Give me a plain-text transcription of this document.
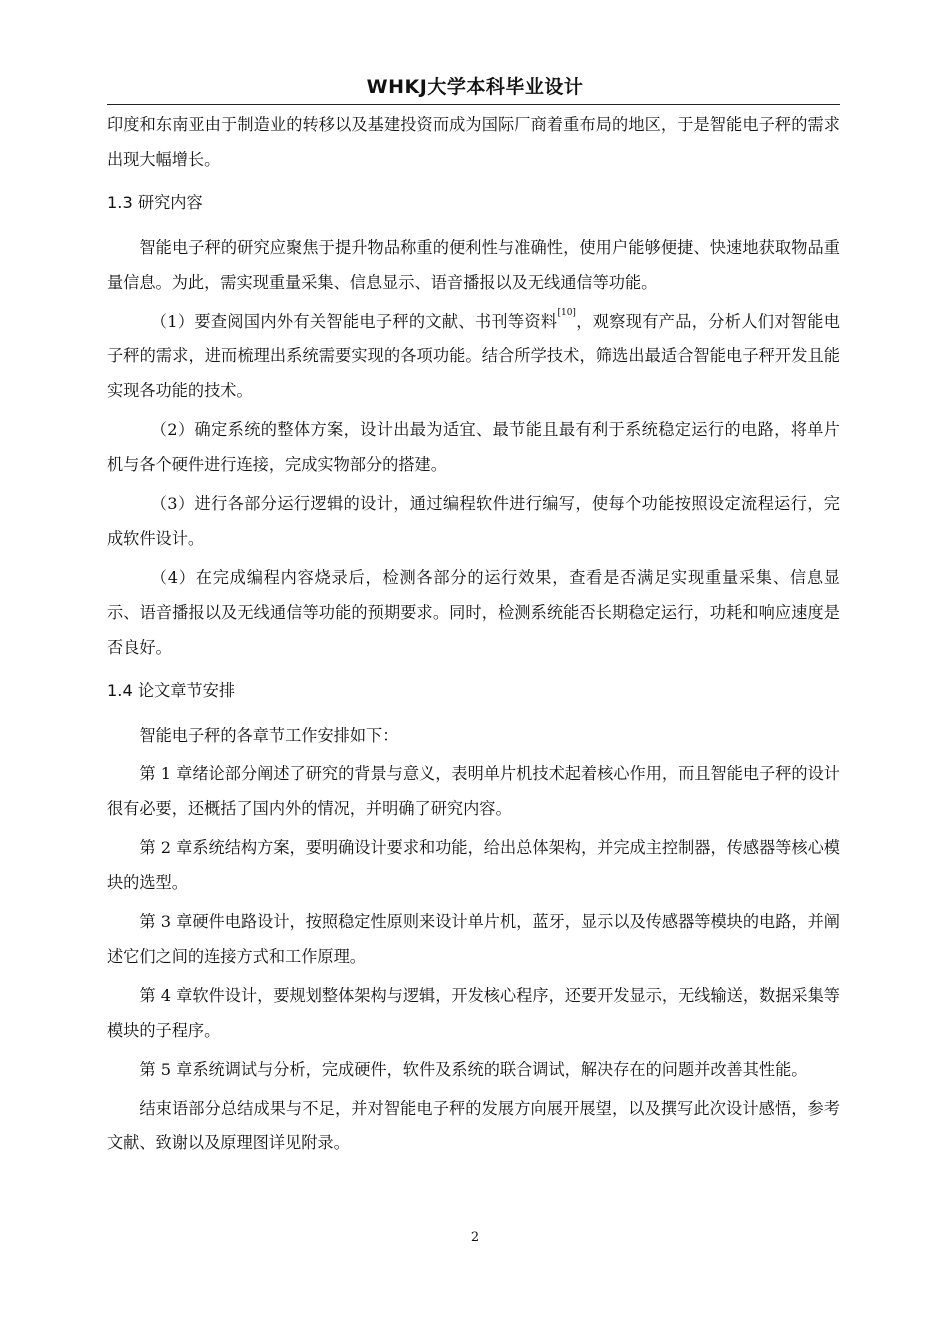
WHKJ大学本科毕业设计

印度和东南亚由于制造业的转移以及基建投资而成为国际厂商着重布局的地区，于是智能电子秤的需求出现大幅增长。

1.3 研究内容

智能电子秤的研究应聚焦于提升物品称重的便利性与准确性，使用户能够便捷、快速地获取物品重量信息。为此，需实现重量采集、信息显示、语音播报以及无线通信等功能。

（1）要查阅国内外有关智能电子秤的文献、书刊等资料[10]，观察现有产品，分析人们对智能电子秤的需求，进而梳理出系统需要实现的各项功能。结合所学技术，筛选出最适合智能电子秤开发且能实现各功能的技术。

（2）确定系统的整体方案，设计出最为适宜、最节能且最有利于系统稳定运行的电路，将单片机与各个硬件进行连接，完成实物部分的搭建。

（3）进行各部分运行逻辑的设计，通过编程软件进行编写，使每个功能按照设定流程运行，完成软件设计。

（4）在完成编程内容烧录后，检测各部分的运行效果，查看是否满足实现重量采集、信息显示、语音播报以及无线通信等功能的预期要求。同时，检测系统能否长期稳定运行，功耗和响应速度是否良好。

1.4 论文章节安排

智能电子秤的各章节工作安排如下：

第 1 章绪论部分阐述了研究的背景与意义，表明单片机技术起着核心作用，而且智能电子秤的设计很有必要，还概括了国内外的情况，并明确了研究内容。

第 2 章系统结构方案，要明确设计要求和功能，给出总体架构，并完成主控制器，传感器等核心模块的选型。

第 3 章硬件电路设计，按照稳定性原则来设计单片机，蓝牙，显示以及传感器等模块的电路，并阐述它们之间的连接方式和工作原理。

第 4 章软件设计，要规划整体架构与逻辑，开发核心程序，还要开发显示，无线输送，数据采集等模块的子程序。

第 5 章系统调试与分析，完成硬件，软件及系统的联合调试，解决存在的问题并改善其性能。

结束语部分总结成果与不足，并对智能电子秤的发展方向展开展望，以及撰写此次设计感悟，参考文献、致谢以及原理图详见附录。

2
